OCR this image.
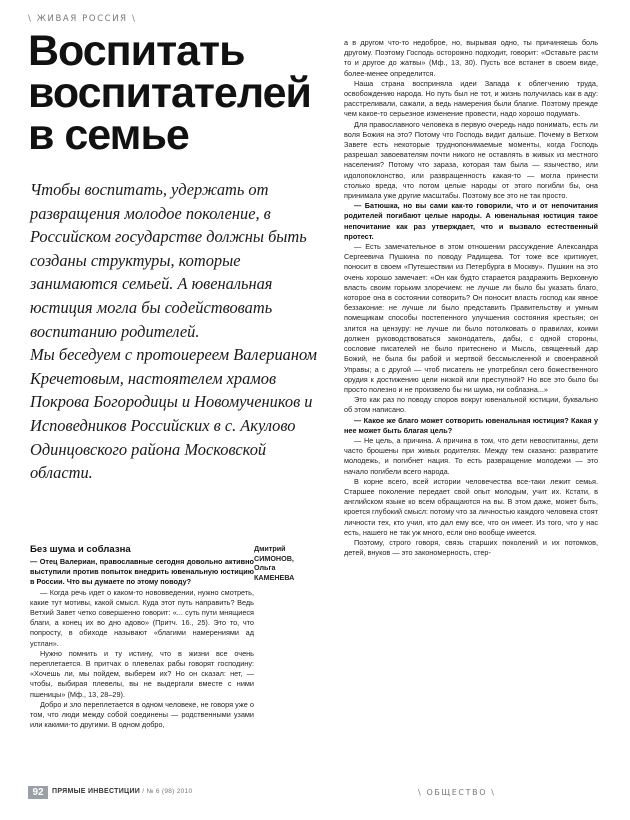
\ ЖИВАЯ РОССИЯ \
Воспитать
воспитателей
в семье

Чтобы воспитать, удержать от развращения молодое поколение, в Российском государстве должны быть созданы структуры, которые занимаются семьей. А ювенальная юстиция могла бы содействовать воспитанию родителей.

Мы беседуем с протоиереем Валерианом Кречетовым, настоятелем храмов Покрова Богородицы и Новомучеников и Исповедников Российских в с. Акулово Одинцовского района Московской области.

Дмитрий
СИМОНОВ,
Ольга
КАМЕНЕВА
Без шума и соблазна

— Отец Валериан, православные сегодня довольно активно выступили против попыток внедрить ювенальную юстицию в России. Что вы думаете по этому поводу?

— Когда речь идет о каком-то нововведении, нужно смотреть, какие тут мотивы, какой смысл. Куда этот путь направить? Ведь Ветхий Завет четко совершенно говорит: «... суть пути мнящиеся благи, а конец их во дно адово» (Притч. 16., 25). Это то, что попросту, в обиходе называют «благими намерениями ад устлан».

Нужно помнить и ту истину, что в жизни все очень переплетается. В притчах о плевелах рабы говорят господину: «Хочешь ли, мы пойдем, выберем их? Но он сказал: нет, — чтобы, выбирая плевелы, вы не выдергали вместе с ними пшеницы» (Мф., 13, 28–29).

Добро и зло переплетается в одном человеке, не говоря уже о том, что люди между собой соединены — родственными узами или какими-то другими. В одном добро,

а в другом что-то недоброе, но, вырывая одно, ты причиняешь боль другому. Поэтому Господь осторожно подходит, говорит: «Оставьте расти то и другое до жатвы» (Мф., 13, 30). Пусть все встанет в своем виде, более-менее определится.

Наша страна восприняла идеи Запада к облегчению труда, освобождению народа. Но путь был не тот, и жизнь получилась как в аду: расстреливали, сажали, а ведь намерения были благие. Поэтому прежде чем какое-то серьезное изменение провести, надо хорошо подумать.

Для православного человека в первую очередь надо понимать, есть ли воля Божия на это? Потому что Господь видит дальше. Почему в Ветхом Завете есть некоторые труднопонимаемые моменты, когда Господь разрешал завоевателям почти никого не оставлять в живых из местного населения? Потому что зараза, которая там была — язычество, или идолопоклонство, или развращенность какая-то — могла принести столько вреда, что потом целые народы от этого погибли бы, она принимала уже другие масштабы. Поэтому все это не так просто.

— Батюшка, но вы сами как-то говорили, что и от непочитания родителей погибают целые народы. А ювенальная юстиция такое непочитание как раз утверждает, что и вызвало естественный протест.

— Есть замечательное в этом отношении рассуждение Александра Сергеевича Пушкина по поводу Радищева. Тот тоже все критикует, поносит в своем «Путешествии из Петербурга в Москву». Пушкин на это очень хорошо замечает: «Он как будто старается раздражить Верховную власть своим горьким злоречием: не лучше ли было бы указать благо, которое она в состоянии сотворить? Он поносит власть господ как явное беззаконие: не лучше ли было представить Правительству и умным помещикам способы постепенного улучшения состояния крестьян; он злится на цензуру: не лучше ли было потолковать о правилах, коими должен руководствоваться законодатель, дабы, с одной стороны, сословие писателей не было притеснено и Мысль, священный дар Божий, не была бы рабой и жертвой бессмысленной и своенравной Управы; а с другой — чтоб писатель не употреблял сего божественного орудия к достижению цели низкой или преступной? Но все это было бы просто полезно и не произвело бы ни шума, ни соблазна...»

Это как раз по поводу споров вокруг ювенальной юстиции, буквально об этом написано.

— Какое же благо может сотворить ювенальная юстиция? Какая у нее может быть благая цель?

— Не цель, а причина. А причина в том, что дети невоспитанны, дети часто брошены при живых родителях. Между тем сказано: развратите молодежь, и погибнет нация. То есть развращение молодежи — это начало погибели всего народа.

В корне всего, всей истории человечества все-таки лежит семья. Старшее поколение передает свой опыт молодым, учит их. Кстати, в английском языке ко всем обращаются на вы. В этом даже, может быть, кроется глубокий смысл: потому что за личностью каждого человека стоят личности тех, кто учил, кто дал ему все, что он имеет. Из того, что у нас есть, нашего не так уж много, если оно вообще имеется.

Поэтому, строго говоря, связь старших поколений и их потомков, детей, внуков — это закономерность, стер-

92	ПРЯМЫЕ ИНВЕСТИЦИИ / № 6 (98) 2010	\ ОБЩЕСТВО \
